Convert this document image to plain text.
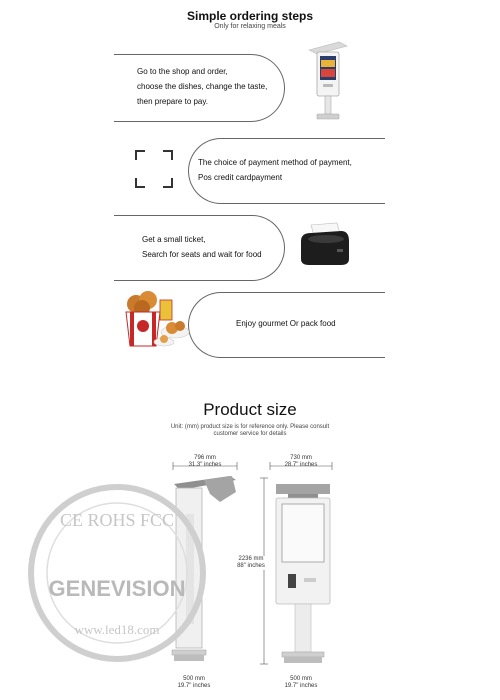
Simple ordering steps
Only for relaxing meals
Go to the shop and order,
choose the dishes, change the taste,
then prepare to pay.
The choice of payment method of payment,
Pos credit cardpayment
Get a small ticket,
Search for seats and wait for food
Enjoy gourmet Or pack food
Product size
Unit: (mm) product size is for reference only. Please consult
customer service for details
796 mm
31.3" inches
730 mm
28.7" inches
2236 mm
88" inches
500 mm
19.7" inches
500 mm
19.7" inches
CE ROHS FCC
GENEVISION
www.led18.com
